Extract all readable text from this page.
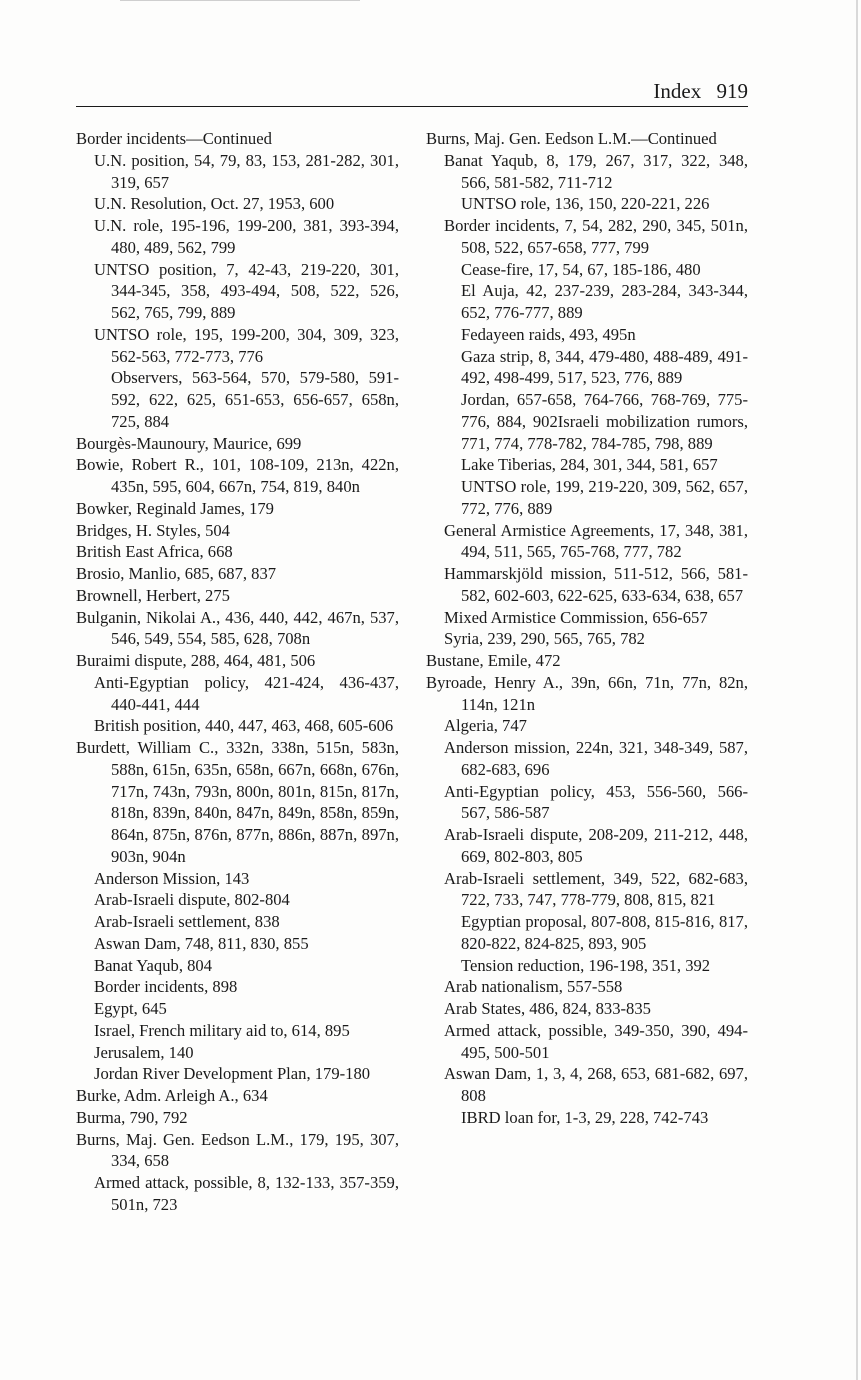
Index 919
Border incidents—Continued
U.N. position, 54, 79, 83, 153, 281-282, 301, 319, 657
U.N. Resolution, Oct. 27, 1953, 600
U.N. role, 195-196, 199-200, 381, 393-394, 480, 489, 562, 799
UNTSO position, 7, 42-43, 219-220, 301, 344-345, 358, 493-494, 508, 522, 526, 562, 765, 799, 889
UNTSO role, 195, 199-200, 304, 309, 323, 562-563, 772-773, 776
Observers, 563-564, 570, 579-580, 591-592, 622, 625, 651-653, 656-657, 658n, 725, 884
Bourgès-Maunoury, Maurice, 699
Bowie, Robert R., 101, 108-109, 213n, 422n, 435n, 595, 604, 667n, 754, 819, 840n
Bowker, Reginald James, 179
Bridges, H. Styles, 504
British East Africa, 668
Brosio, Manlio, 685, 687, 837
Brownell, Herbert, 275
Bulganin, Nikolai A., 436, 440, 442, 467n, 537, 546, 549, 554, 585, 628, 708n
Buraimi dispute, 288, 464, 481, 506
Anti-Egyptian policy, 421-424, 436-437, 440-441, 444
British position, 440, 447, 463, 468, 605-606
Burdett, William C., 332n, 338n, 515n, 583n, 588n, 615n, 635n, 658n, 667n, 668n, 676n, 717n, 743n, 793n, 800n, 801n, 815n, 817n, 818n, 839n, 840n, 847n, 849n, 858n, 859n, 864n, 875n, 876n, 877n, 886n, 887n, 897n, 903n, 904n
Anderson Mission, 143
Arab-Israeli dispute, 802-804
Arab-Israeli settlement, 838
Aswan Dam, 748, 811, 830, 855
Banat Yaqub, 804
Border incidents, 898
Egypt, 645
Israel, French military aid to, 614, 895
Jerusalem, 140
Jordan River Development Plan, 179-180
Burke, Adm. Arleigh A., 634
Burma, 790, 792
Burns, Maj. Gen. Eedson L.M., 179, 195, 307, 334, 658
Armed attack, possible, 8, 132-133, 357-359, 501n, 723
Burns, Maj. Gen. Eedson L.M.—Continued
Banat Yaqub, 8, 179, 267, 317, 322, 348, 566, 581-582, 711-712
UNTSO role, 136, 150, 220-221, 226
Border incidents, 7, 54, 282, 290, 345, 501n, 508, 522, 657-658, 777, 799
Cease-fire, 17, 54, 67, 185-186, 480
El Auja, 42, 237-239, 283-284, 343-344, 652, 776-777, 889
Fedayeen raids, 493, 495n
Gaza strip, 8, 344, 479-480, 488-489, 491-492, 498-499, 517, 523, 776, 889
Jordan, 657-658, 764-766, 768-769, 775-776, 884, 902Israeli mobilization rumors, 771, 774, 778-782, 784-785, 798, 889
Lake Tiberias, 284, 301, 344, 581, 657
UNTSO role, 199, 219-220, 309, 562, 657, 772, 776, 889
General Armistice Agreements, 17, 348, 381, 494, 511, 565, 765-768, 777, 782
Hammarskjöld mission, 511-512, 566, 581-582, 602-603, 622-625, 633-634, 638, 657
Mixed Armistice Commission, 656-657
Syria, 239, 290, 565, 765, 782
Bustane, Emile, 472
Byroade, Henry A., 39n, 66n, 71n, 77n, 82n, 114n, 121n
Algeria, 747
Anderson mission, 224n, 321, 348-349, 587, 682-683, 696
Anti-Egyptian policy, 453, 556-560, 566-567, 586-587
Arab-Israeli dispute, 208-209, 211-212, 448, 669, 802-803, 805
Arab-Israeli settlement, 349, 522, 682-683, 722, 733, 747, 778-779, 808, 815, 821
Egyptian proposal, 807-808, 815-816, 817, 820-822, 824-825, 893, 905
Tension reduction, 196-198, 351, 392
Arab nationalism, 557-558
Arab States, 486, 824, 833-835
Armed attack, possible, 349-350, 390, 494-495, 500-501
Aswan Dam, 1, 3, 4, 268, 653, 681-682, 697, 808
IBRD loan for, 1-3, 29, 228, 742-743
